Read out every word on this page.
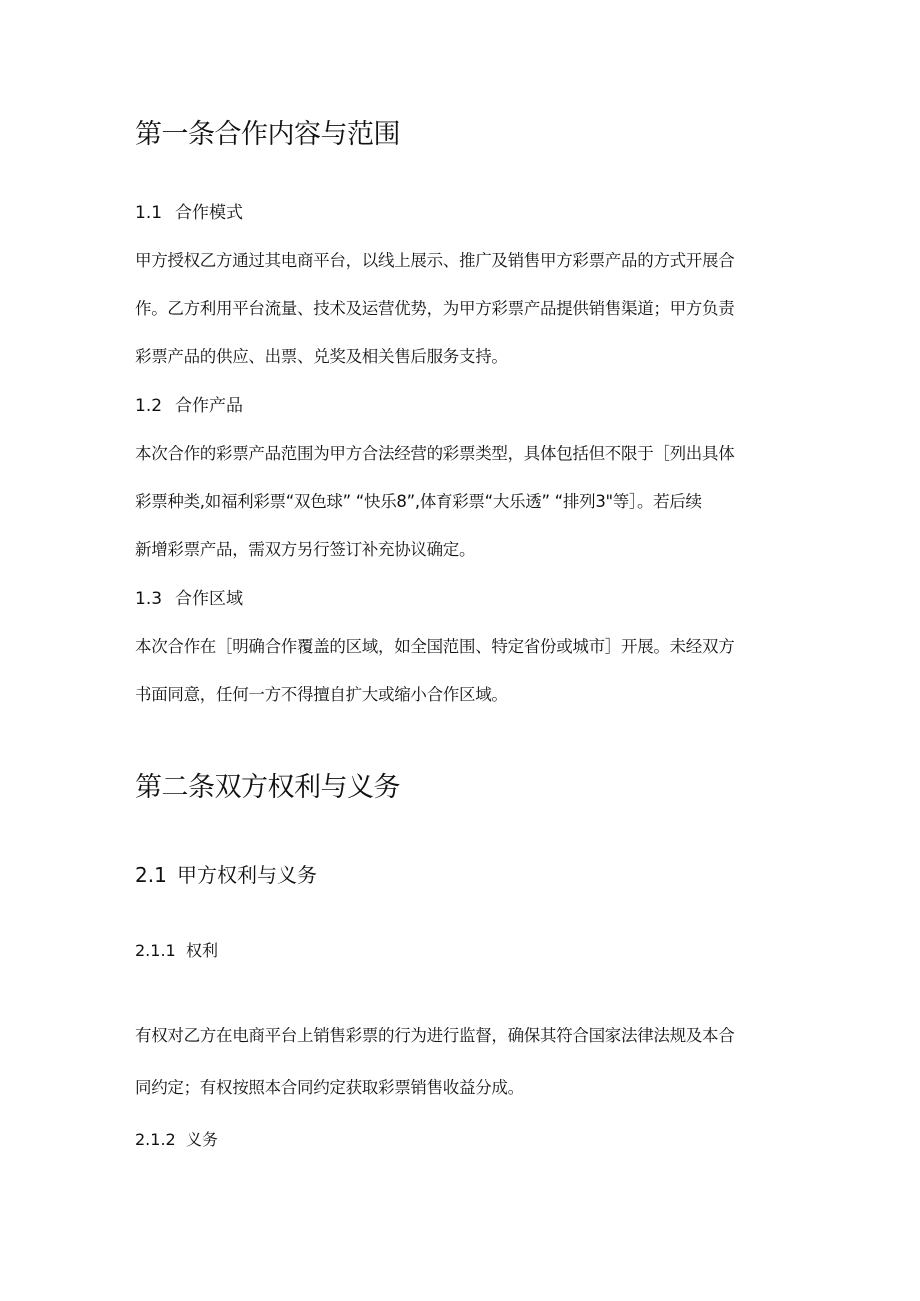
第一条合作内容与范围
1.1 合作模式
甲方授权乙方通过其电商平台，以线上展示、推广及销售甲方彩票产品的方式开展合
作。乙方利用平台流量、技术及运营优势，为甲方彩票产品提供销售渠道；甲方负责
彩票产品的供应、出票、兑奖及相关售后服务支持。
1.2 合作产品
本次合作的彩票产品范围为甲方合法经营的彩票类型，具体包括但不限于［列出具体
彩票种类,如福利彩票“双色球” “快乐8”,体育彩票“大乐透” “排列3"等］。若后续
新增彩票产品，需双方另行签订补充协议确定。
1.3 合作区域
本次合作在［明确合作覆盖的区域，如全国范围、特定省份或城市］开展。未经双方
书面同意，任何一方不得擅自扩大或缩小合作区域。
第二条双方权利与义务
2.1 甲方权利与义务
2.1.1 权利
有权对乙方在电商平台上销售彩票的行为进行监督，确保其符合国家法律法规及本合
同约定；有权按照本合同约定获取彩票销售收益分成。
2.1.2 义务
